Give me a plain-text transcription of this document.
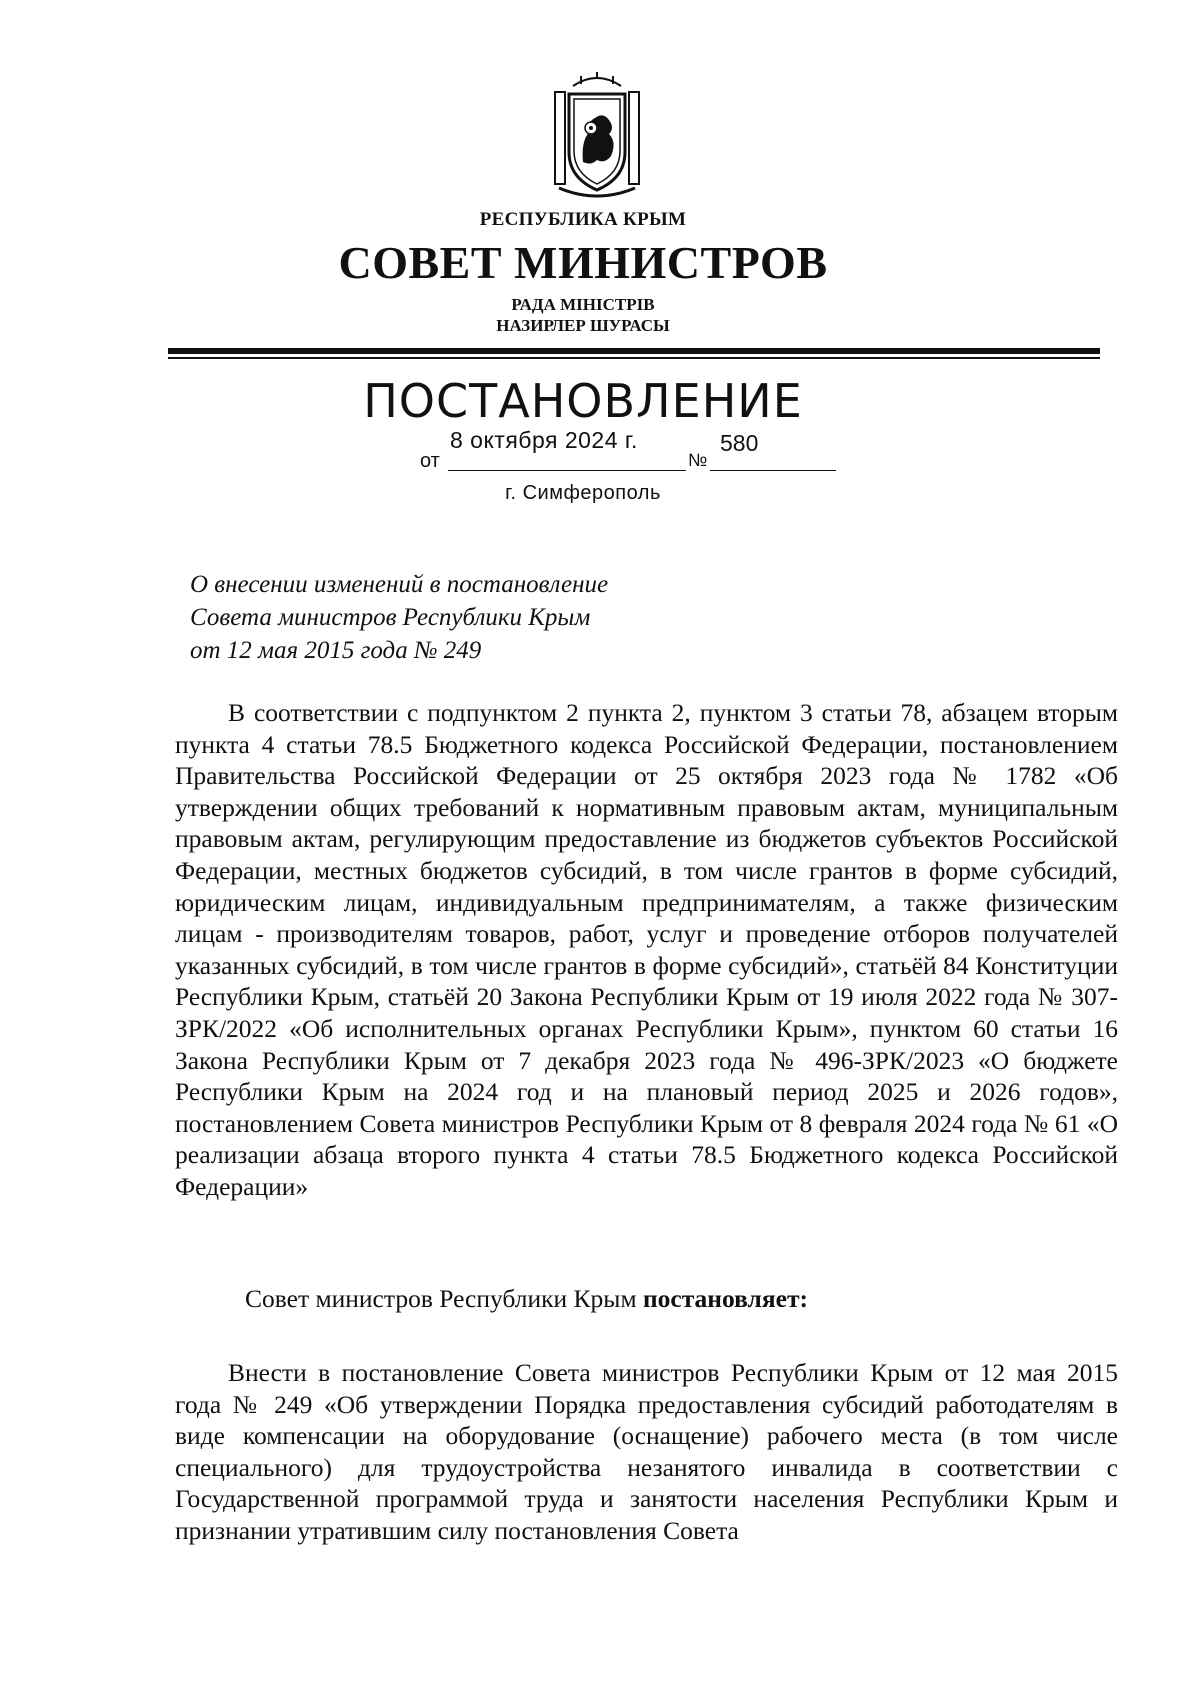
РЕСПУБЛИКА КРЫМ
СОВЕТ МИНИСТРОВ
РАДА МІНІСТРІВ
НАЗИРЛЕР ШУРАСЫ
ПОСТАНОВЛЕНИЕ
от
8 октября 2024 г.
№
580
г. Симферополь
О внесении изменений в постановление
Совета министров Республики Крым
от 12 мая 2015 года № 249
В соответствии с подпунктом 2 пункта 2, пунктом 3 статьи 78, абзацем вторым пункта 4 статьи 78.5 Бюджетного кодекса Российской Федерации, постановлением Правительства Российской Федерации от 25 октября 2023 года № 1782 «Об утверждении общих требований к нормативным правовым актам, муниципальным правовым актам, регулирующим предоставление из бюджетов субъектов Российской Федерации, местных бюджетов субсидий, в том числе грантов в форме субсидий, юридическим лицам, индивидуальным предпринимателям, а также физическим лицам - производителям товаров, работ, услуг и проведение отборов получателей указанных субсидий, в том числе грантов в форме субсидий», статьёй 84 Конституции Республики Крым, статьёй 20 Закона Республики Крым от 19 июля 2022 года № 307-ЗРК/2022 «Об исполнительных органах Республики Крым», пунктом 60 статьи 16 Закона Республики Крым от 7 декабря 2023 года № 496-ЗРК/2023 «О бюджете Республики Крым на 2024 год и на плановый период 2025 и 2026 годов», постановлением Совета министров Республики Крым от 8 февраля 2024 года № 61 «О реализации абзаца второго пункта 4 статьи 78.5 Бюджетного кодекса Российской Федерации»
Совет министров Республики Крым постановляет:
Внести в постановление Совета министров Республики Крым от 12 мая 2015 года № 249 «Об утверждении Порядка предоставления субсидий работодателям в виде компенсации на оборудование (оснащение) рабочего места (в том числе специального) для трудоустройства незанятого инвалида в соответствии с Государственной программой труда и занятости населения Республики Крым и признании утратившим силу постановления Совета
